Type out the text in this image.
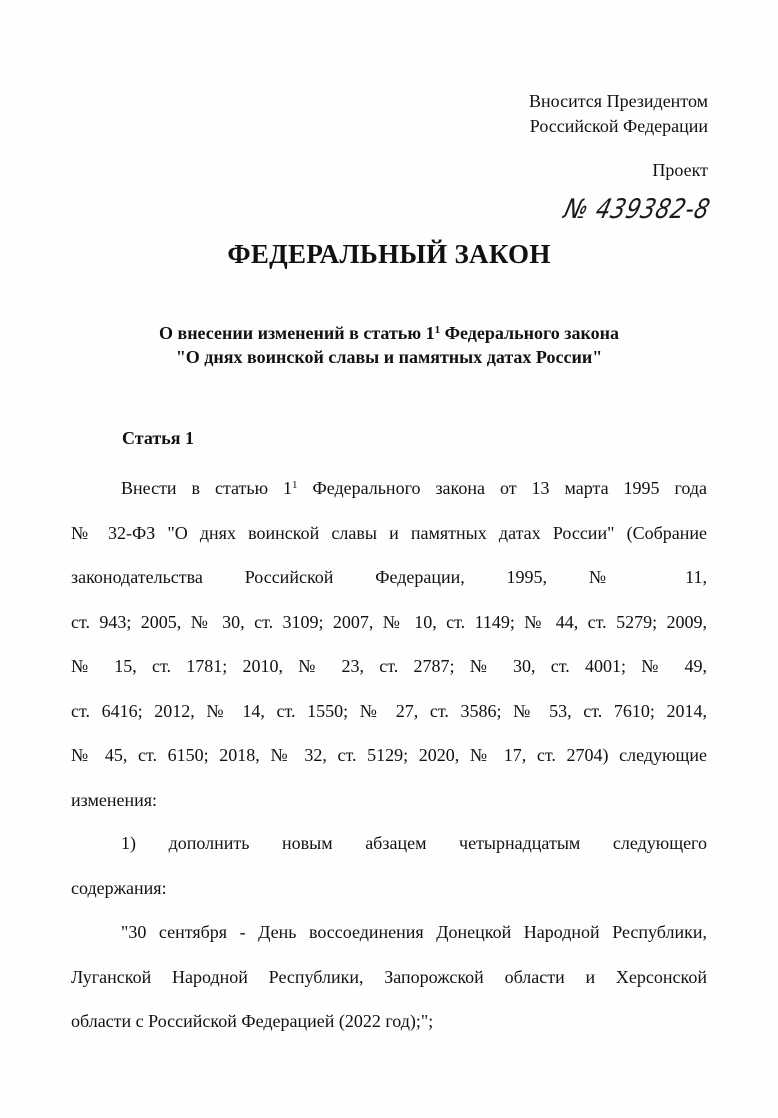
Вносится Президентом
Российской Федерации
Проект
№ 439382-8
ФЕДЕРАЛЬНЫЙ ЗАКОН
О внесении изменений в статью $1^1$ Федерального закона
"О днях воинской славы и памятных датах России"
Статья 1
Внести в статью $1^1$ Федерального закона от 13 марта 1995 года
№ 32-ФЗ "О днях воинской славы и памятных датах России" (Собрание
законодательства Российской Федерации, 1995, № 11,
ст. 943; 2005, № 30, ст. 3109; 2007, № 10, ст. 1149; № 44, ст. 5279; 2009,
№ 15, ст. 1781; 2010, № 23, ст. 2787; № 30, ст. 4001; № 49,
ст. 6416; 2012, № 14, ст. 1550; № 27, ст. 3586; № 53, ст. 7610; 2014,
№ 45, ст. 6150; 2018, № 32, ст. 5129; 2020, № 17, ст. 2704) следующие
изменения:
1) дополнить новым абзацем четырнадцатым следующего
содержания:
"30 сентября - День воссоединения Донецкой Народной Республики,
Луганской Народной Республики, Запорожской области и Херсонской
области с Российской Федерацией (2022 год);";
